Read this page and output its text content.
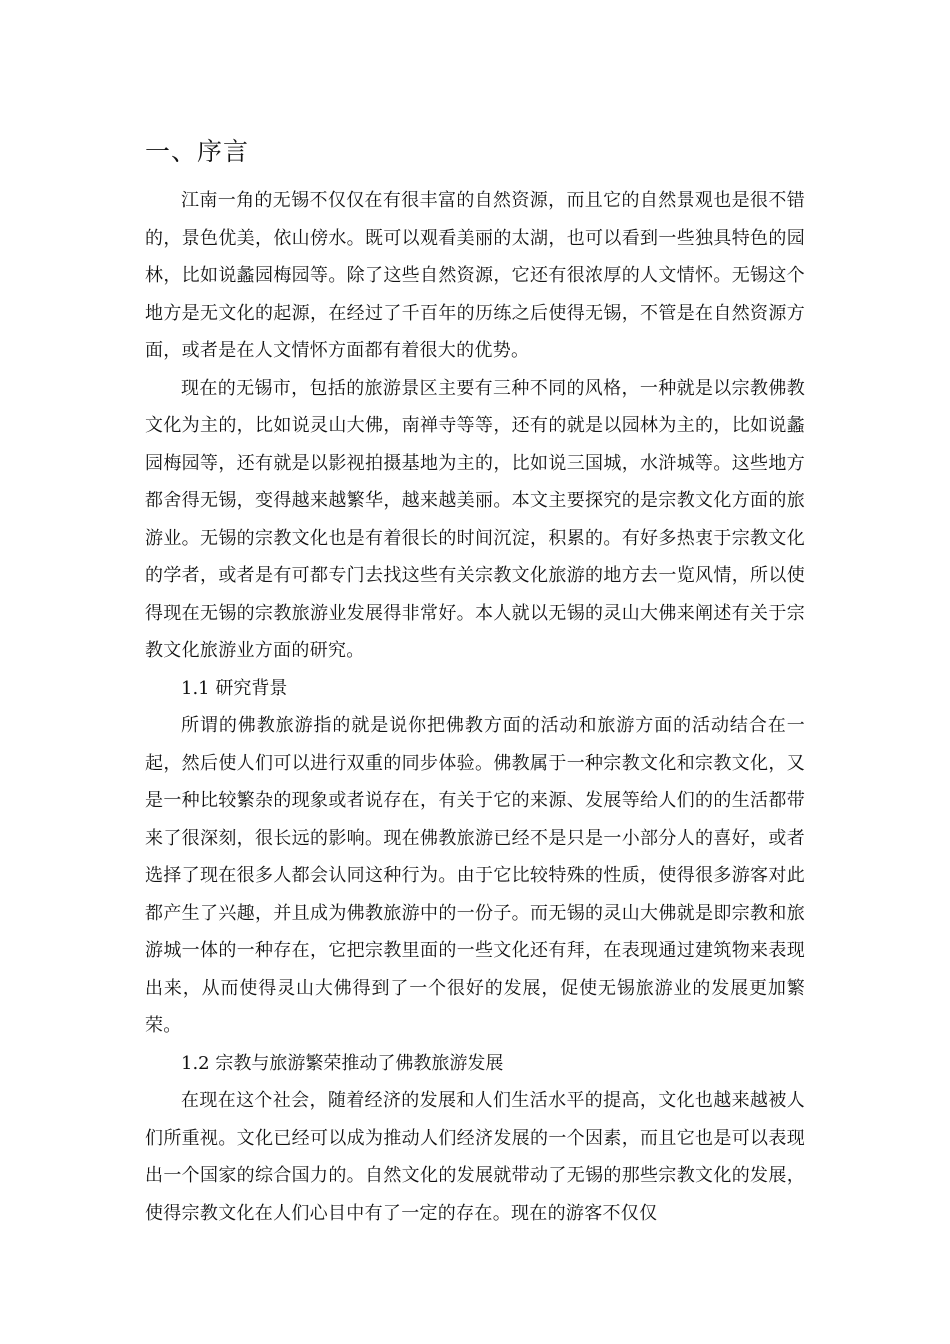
一、序言

江南一角的无锡不仅仅在有很丰富的自然资源，而且它的自然景观也是很不错的，景色优美，依山傍水。既可以观看美丽的太湖，也可以看到一些独具特色的园林，比如说蠡园梅园等。除了这些自然资源，它还有很浓厚的人文情怀。无锡这个地方是无文化的起源，在经过了千百年的历练之后使得无锡，不管是在自然资源方面，或者是在人文情怀方面都有着很大的优势。

现在的无锡市，包括的旅游景区主要有三种不同的风格，一种就是以宗教佛教文化为主的，比如说灵山大佛，南禅寺等等，还有的就是以园林为主的，比如说蠡园梅园等，还有就是以影视拍摄基地为主的，比如说三国城，水浒城等。这些地方都舍得无锡，变得越来越繁华，越来越美丽。本文主要探究的是宗教文化方面的旅游业。无锡的宗教文化也是有着很长的时间沉淀，积累的。有好多热衷于宗教文化的学者，或者是有可都专门去找这些有关宗教文化旅游的地方去一览风情，所以使得现在无锡的宗教旅游业发展得非常好。本人就以无锡的灵山大佛来阐述有关于宗教文化旅游业方面的研究。

1.1 研究背景

所谓的佛教旅游指的就是说你把佛教方面的活动和旅游方面的活动结合在一起，然后使人们可以进行双重的同步体验。佛教属于一种宗教文化和宗教文化，又是一种比较繁杂的现象或者说存在，有关于它的来源、发展等给人们的的生活都带来了很深刻，很长远的影响。现在佛教旅游已经不是只是一小部分人的喜好，或者选择了现在很多人都会认同这种行为。由于它比较特殊的性质，使得很多游客对此都产生了兴趣，并且成为佛教旅游中的一份子。而无锡的灵山大佛就是即宗教和旅游城一体的一种存在，它把宗教里面的一些文化还有拜，在表现通过建筑物来表现出来，从而使得灵山大佛得到了一个很好的发展，促使无锡旅游业的发展更加繁荣。

1.2 宗教与旅游繁荣推动了佛教旅游发展

在现在这个社会，随着经济的发展和人们生活水平的提高，文化也越来越被人们所重视。文化已经可以成为推动人们经济发展的一个因素，而且它也是可以表现出一个国家的综合国力的。自然文化的发展就带动了无锡的那些宗教文化的发展，使得宗教文化在人们心目中有了一定的存在。现在的游客不仅仅
